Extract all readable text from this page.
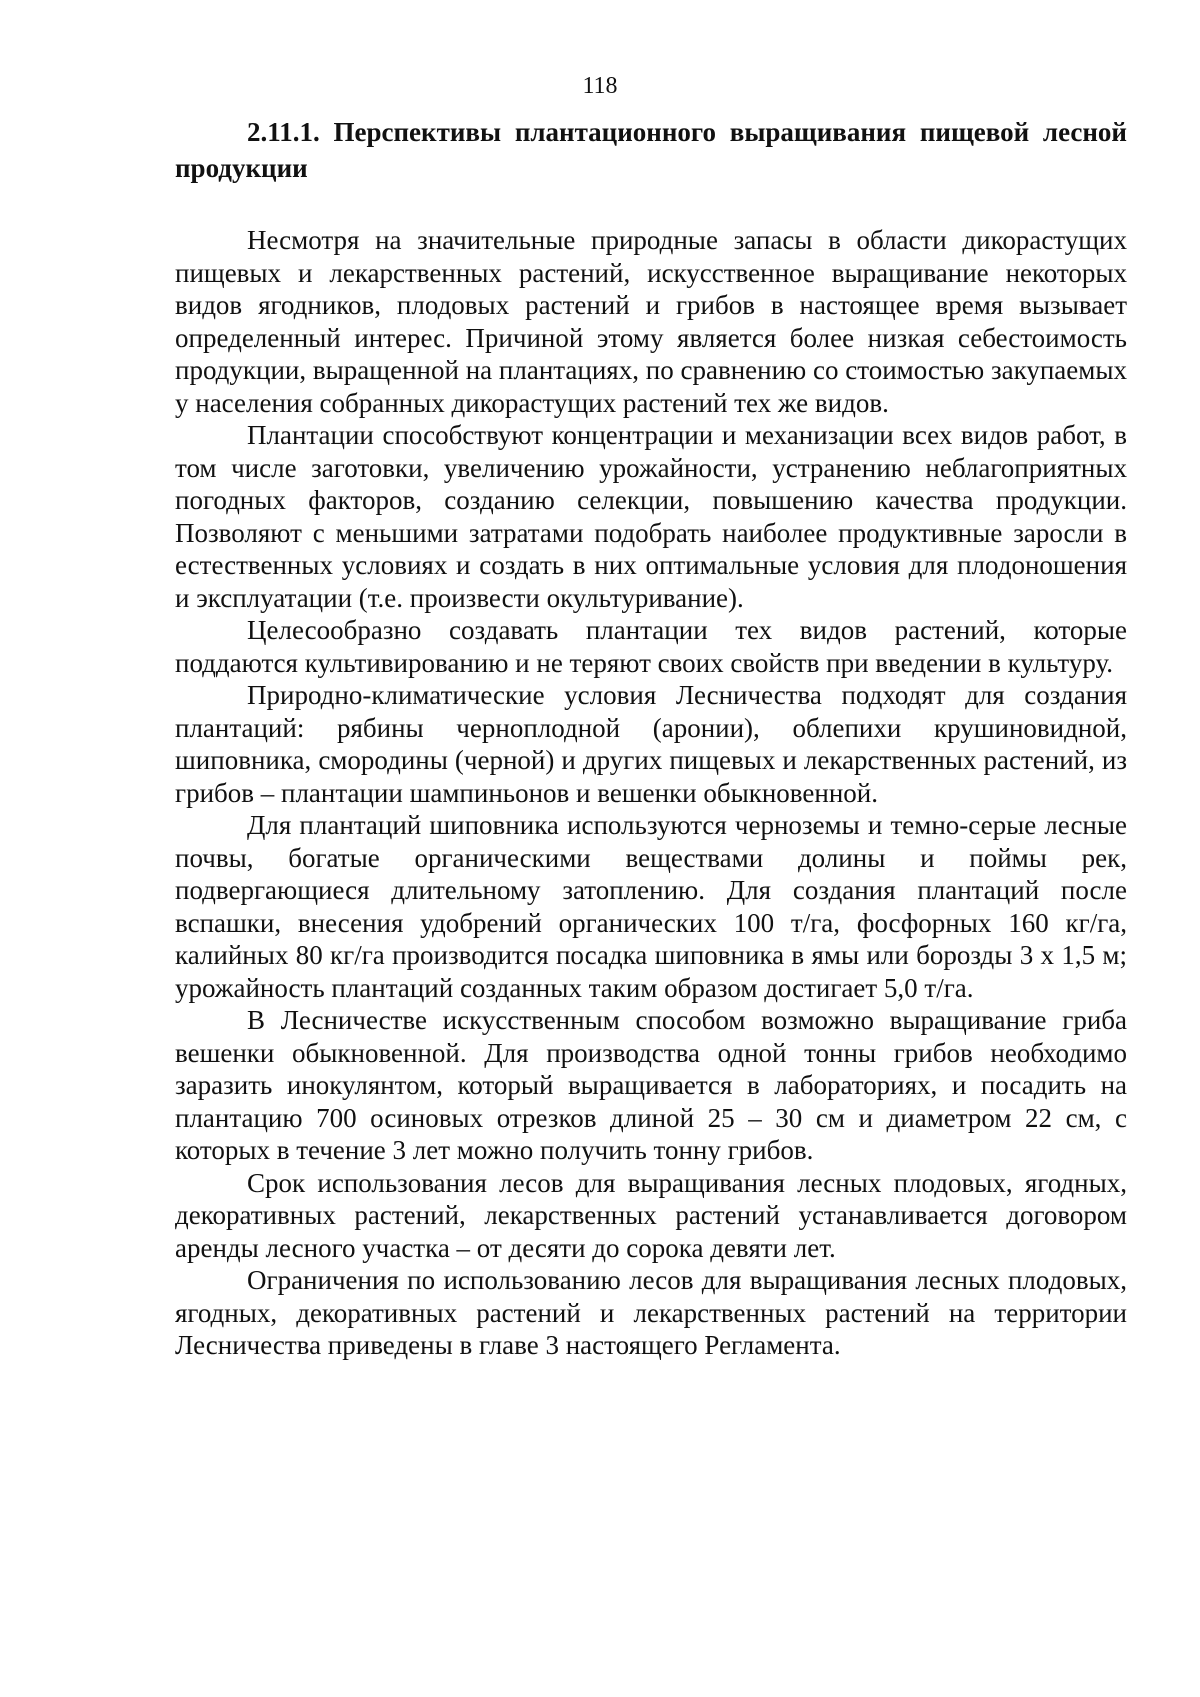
118
2.11.1. Перспективы плантационного выращивания пищевой лесной продукции

Несмотря на значительные природные запасы в области дикорастущих пищевых и лекарственных растений, искусственное выращивание некоторых видов ягодников, плодовых растений и грибов в настоящее время вызывает определенный интерес. Причиной этому является более низкая себестоимость продукции, выращенной на плантациях, по сравнению со стоимостью закупаемых у населения собранных дикорастущих растений тех же видов.

Плантации способствуют концентрации и механизации всех видов работ, в том числе заготовки, увеличению урожайности, устранению неблагоприятных погодных факторов, созданию селекции, повышению качества продукции. Позволяют с меньшими затратами подобрать наиболее продуктивные заросли в естественных условиях и создать в них оптимальные условия для плодоношения и эксплуатации (т.е. произвести окультуривание).

Целесообразно создавать плантации тех видов растений, которые поддаются культивированию и не теряют своих свойств при введении в культуру.

Природно-климатические условия Лесничества подходят для создания плантаций: рябины черноплодной (аронии), облепихи крушиновидной, шиповника, смородины (черной) и других пищевых и лекарственных растений, из грибов – плантации шампиньонов и вешенки обыкновенной.

Для плантаций шиповника используются черноземы и темно-серые лесные почвы, богатые органическими веществами долины и поймы рек, подвергающиеся длительному затоплению. Для создания плантаций после вспашки, внесения удобрений органических 100 т/га, фосфорных 160 кг/га, калийных 80 кг/га производится посадка шиповника в ямы или борозды 3 х 1,5 м; урожайность плантаций созданных таким образом достигает 5,0 т/га.

В Лесничестве искусственным способом возможно выращивание гриба вешенки обыкновенной. Для производства одной тонны грибов необходимо заразить инокулянтом, который выращивается в лабораториях, и посадить на плантацию 700 осиновых отрезков длиной 25 – 30 см и диаметром 22 см, с которых в течение 3 лет можно получить тонну грибов.

Срок использования лесов для выращивания лесных плодовых, ягодных, декоративных растений, лекарственных растений устанавливается договором аренды лесного участка – от десяти до сорока девяти лет.

Ограничения по использованию лесов для выращивания лесных плодовых, ягодных, декоративных растений и лекарственных растений на территории Лесничества приведены в главе 3 настоящего Регламента.
